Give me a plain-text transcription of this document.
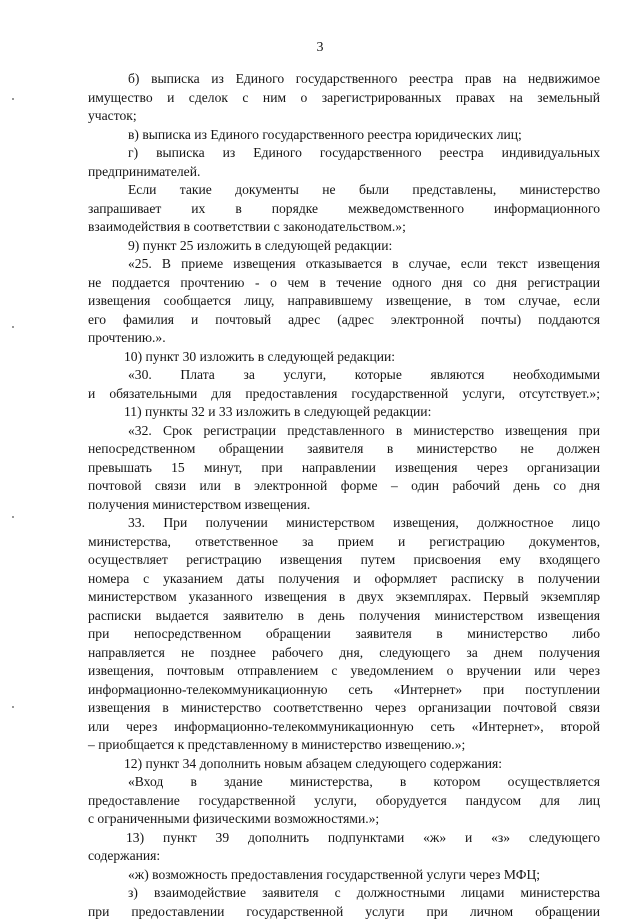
3
б) выписка из Единого государственного реестра прав на недвижимое
имущество и сделок с ним о зарегистрированных правах на земельный
участок;
в) выписка из Единого государственного реестра юридических лиц;
г) выписка из Единого государственного реестра индивидуальных
предпринимателей.
Если такие документы не были представлены, министерство
запрашивает их в порядке межведомственного информационного
взаимодействия в соответствии с законодательством.»;
9) пункт 25 изложить в следующей редакции:
«25. В приеме извещения отказывается в случае, если текст извещения
не поддается прочтению - о чем в течение одного дня со дня регистрации
извещения сообщается лицу, направившему извещение, в том случае, если
его фамилия и почтовый адрес (адрес электронной почты) поддаются
прочтению.».
10) пункт 30 изложить в следующей редакции:
«30. Плата за услуги, которые являются необходимыми
и обязательными для предоставления государственной услуги, отсутствует.»;
11) пункты 32 и 33 изложить в следующей редакции:
«32. Срок регистрации представленного в министерство извещения при
непосредственном обращении заявителя в министерство не должен
превышать 15 минут, при направлении извещения через организации
почтовой связи или в электронной форме – один рабочий день со дня
получения министерством извещения.
33. При получении министерством извещения, должностное лицо
министерства, ответственное за прием и регистрацию документов,
осуществляет регистрацию извещения путем присвоения ему входящего
номера с указанием даты получения и оформляет расписку в получении
министерством указанного извещения в двух экземплярах. Первый экземпляр
расписки выдается заявителю в день получения министерством извещения
при непосредственном обращении заявителя в министерство либо
направляется не позднее рабочего дня, следующего за днем получения
извещения, почтовым отправлением с уведомлением о вручении или через
информационно-телекоммуникационную сеть «Интернет» при поступлении
извещения в министерство соответственно через организации почтовой связи
или через информационно-телекоммуникационную сеть «Интернет», второй
– приобщается к представленному в министерство извещению.»;
12) пункт 34 дополнить новым абзацем следующего содержания:
«Вход в здание министерства, в котором осуществляется
предоставление государственной услуги, оборудуется пандусом для лиц
с ограниченными физическими возможностями.»;
13) пункт 39 дополнить подпунктами «ж» и «з» следующего
содержания:
«ж) возможность предоставления государственной услуги через МФЦ;
з) взаимодействие заявителя с должностными лицами министерства
при предоставлении государственной услуги при личном обращении
